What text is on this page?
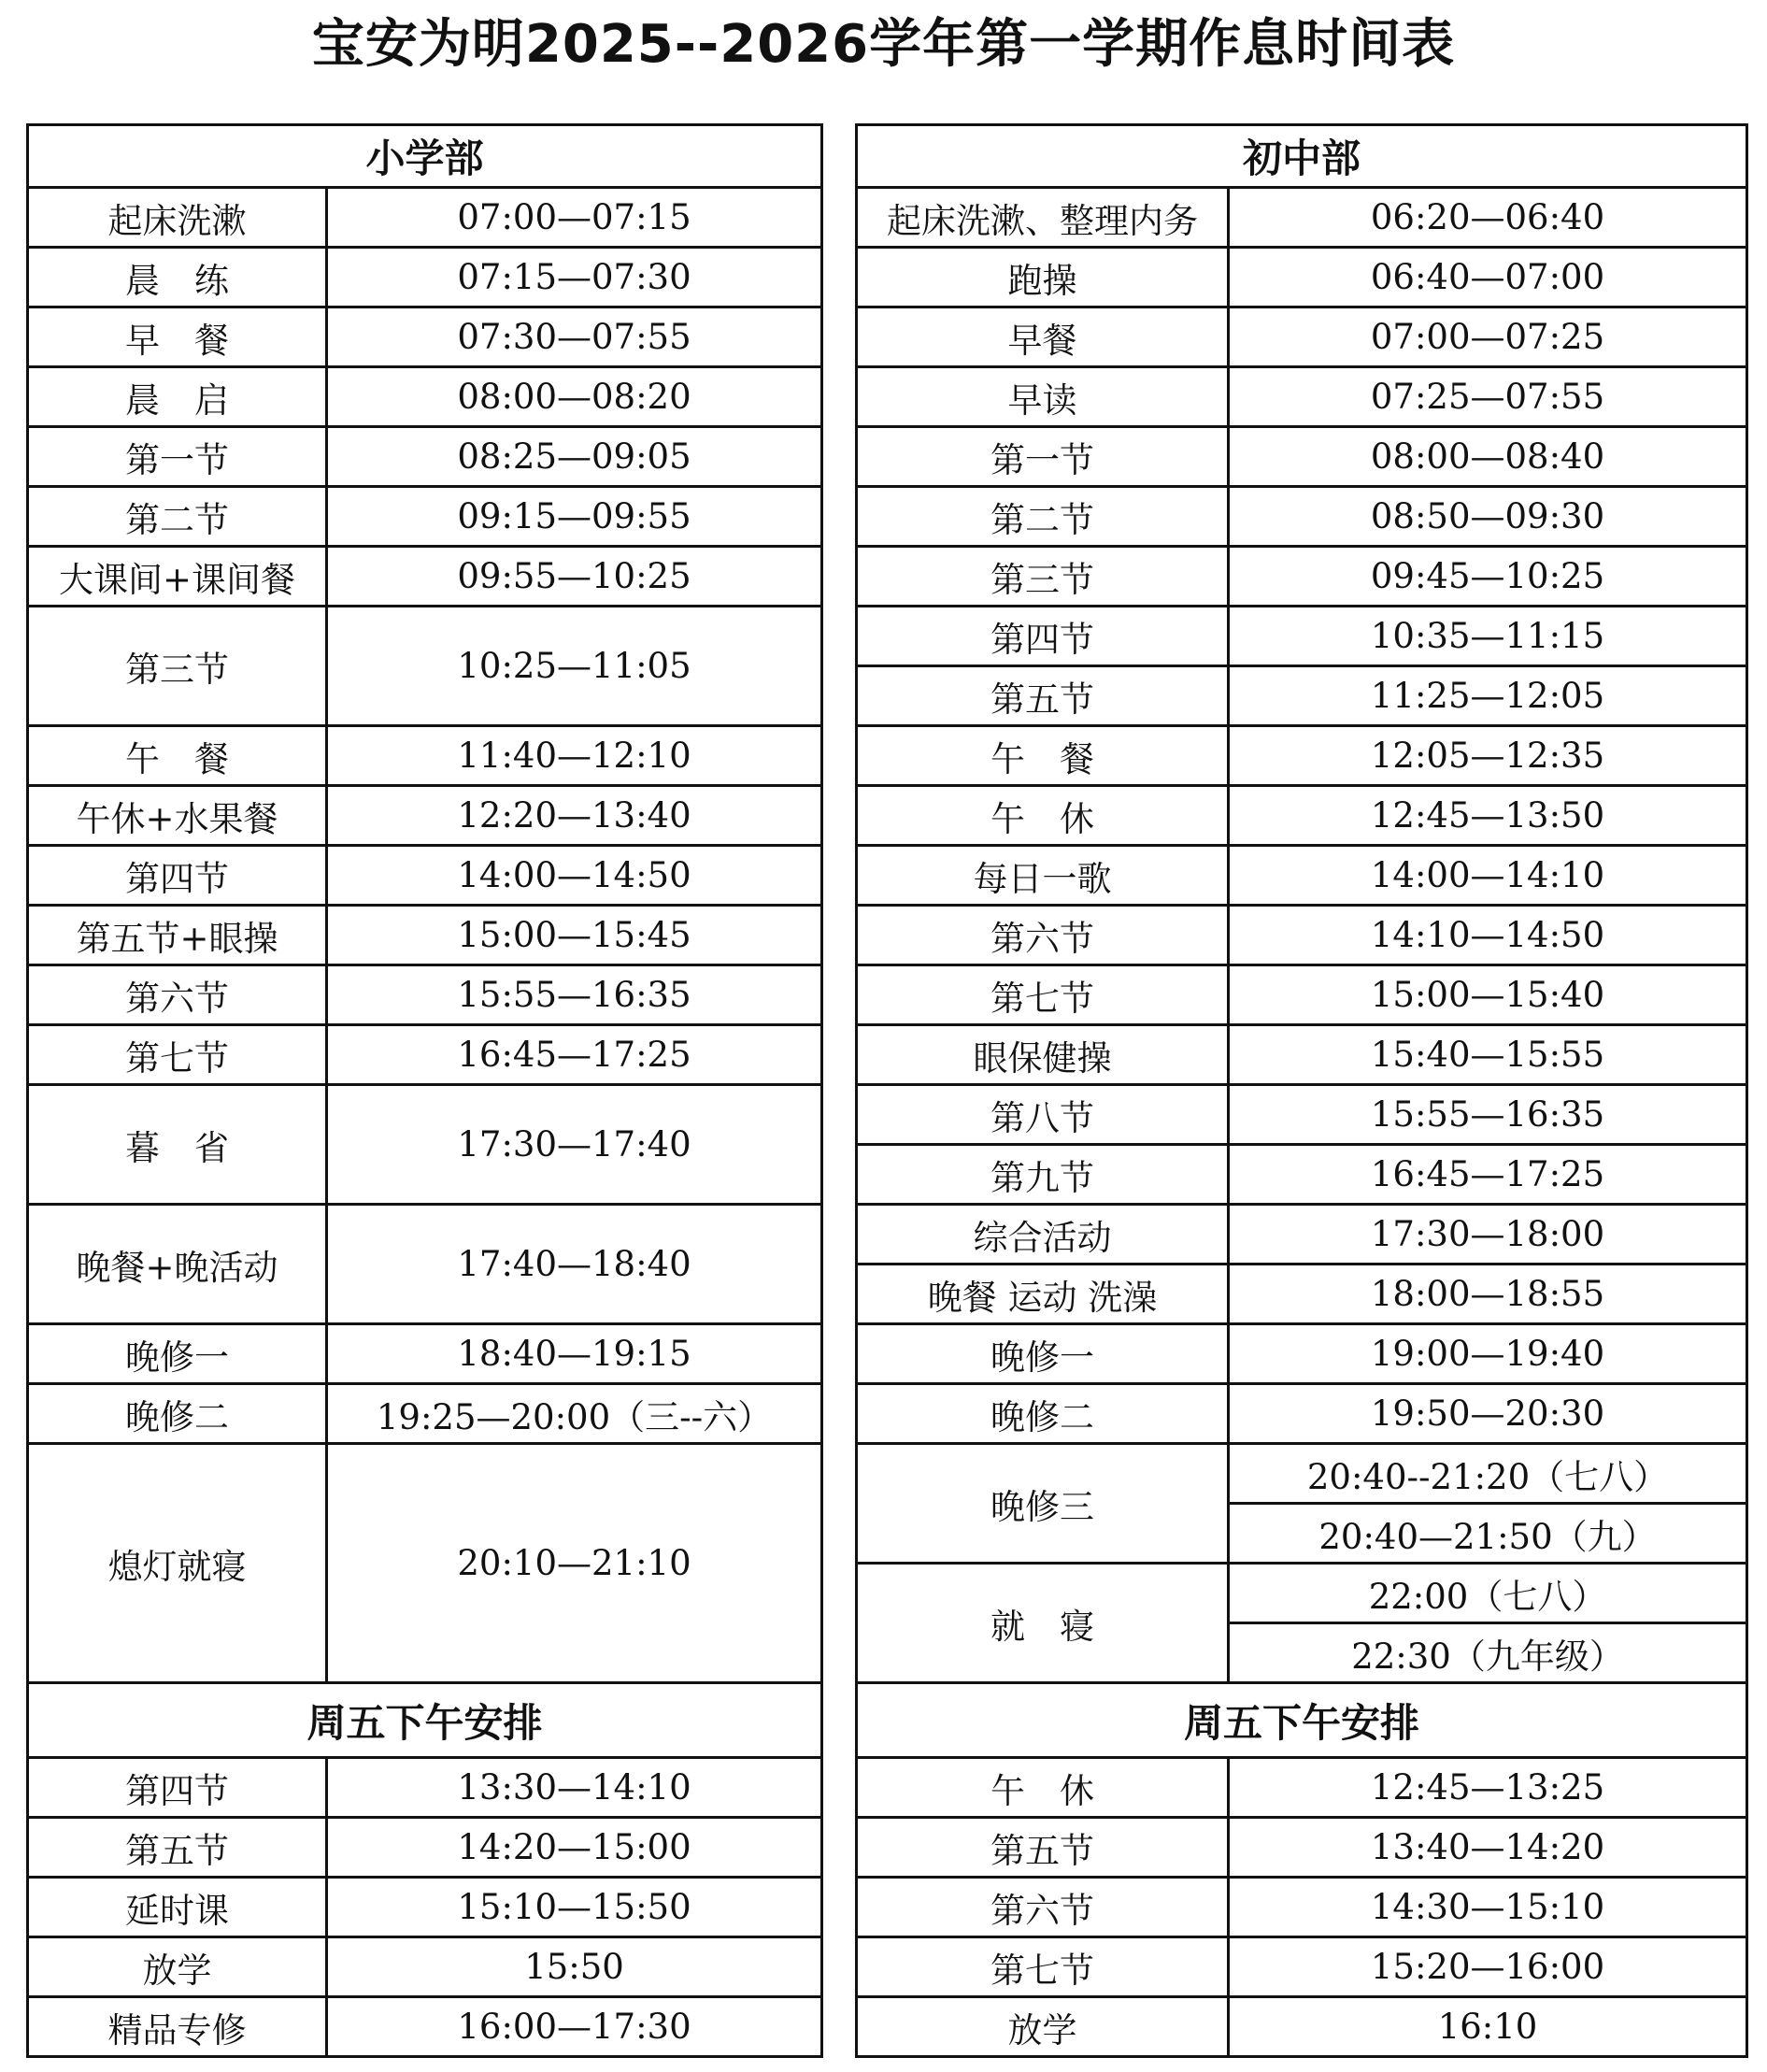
宝安为明2025--2026学年第一学期作息时间表
小学部	
起床洗漱	07:00—07:15
晨　练	07:15—07:30
早　餐	07:30—07:55
晨　启	08:00—08:20
第一节	08:25—09:05
第二节	09:15—09:55
大课间+课间餐	09:55—10:25
第三节	10:25—11:05
午　餐	11:40—12:10
午休+水果餐	12:20—13:40
第四节	14:00—14:50
第五节+眼操	15:00—15:45
第六节	15:55—16:35
第七节	16:45—17:25
暮　省	17:30—17:40
晚餐+晚活动	17:40—18:40
晚修一	18:40—19:15
晚修二	19:25—20:00（三--六）
熄灯就寝	20:10—21:10
周五下午安排	
第四节	13:30—14:10
第五节	14:20—15:00
延时课	15:10—15:50
放学	15:50
精品专修	16:00—17:30
初中部	
起床洗漱、整理内务	06:20—06:40
跑操	06:40—07:00
早餐	07:00—07:25
早读	07:25—07:55
第一节	08:00—08:40
第二节	08:50—09:30
第三节	09:45—10:25
第四节	10:35—11:15
第五节	11:25—12:05
午　餐	12:05—12:35
午　休	12:45—13:50
每日一歌	14:00—14:10
第六节	14:10—14:50
第七节	15:00—15:40
眼保健操	15:40—15:55
第八节	15:55—16:35
第九节	16:45—17:25
综合活动	17:30—18:00
晚餐 运动 洗澡	18:00—18:55
晚修一	19:00—19:40
晚修二	19:50—20:30
晚修三	20:40--21:20（七八）
	20:40—21:50（九）
就　寝	22:00（七八）
	22:30（九年级）
周五下午安排	
午　休	12:45—13:25
第五节	13:40—14:20
第六节	14:30—15:10
第七节	15:20—16:00
放学	16:10
